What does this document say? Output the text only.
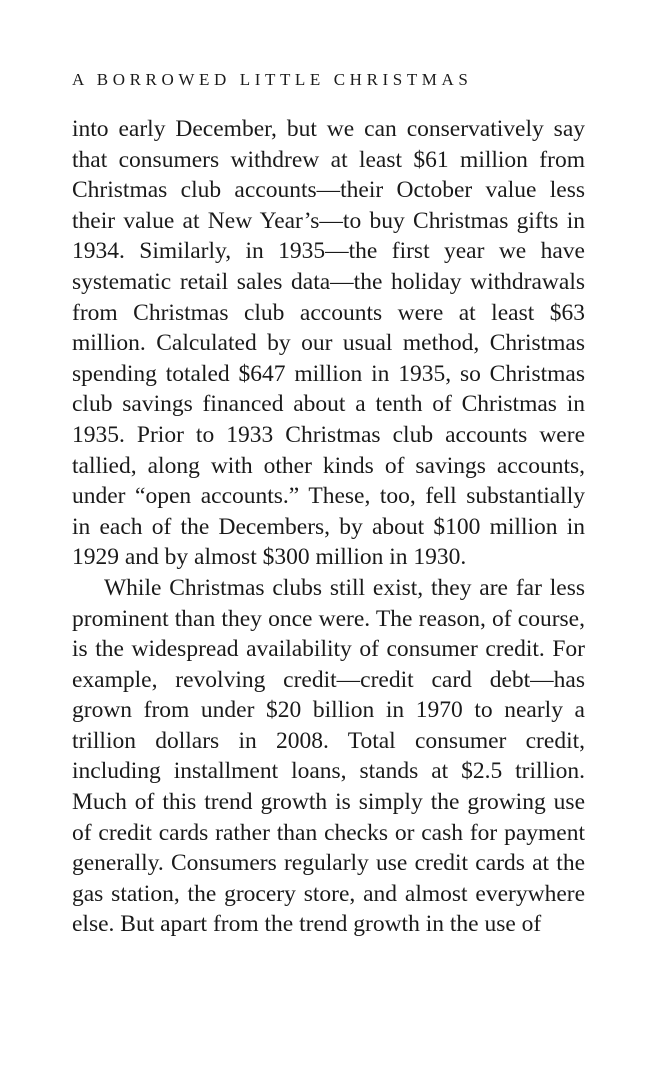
A BORROWED LITTLE CHRISTMAS

into early December, but we can conservatively say that consumers withdrew at least $61 million from Christmas club accounts—their October value less their value at New Year’s—to buy Christmas gifts in 1934. Similarly, in 1935—the first year we have systematic retail sales data—the holiday withdrawals from Christmas club accounts were at least $63 million. Calculated by our usual method, Christmas spending totaled $647 million in 1935, so Christmas club savings financed about a tenth of Christmas in 1935. Prior to 1933 Christmas club accounts were tallied, along with other kinds of savings accounts, under “open accounts.” These, too, fell substantially in each of the Decembers, by about $100 million in 1929 and by almost $300 million in 1930.

While Christmas clubs still exist, they are far less prominent than they once were. The reason, of course, is the widespread availability of consumer credit. For example, revolving credit—credit card debt—has grown from under $20 billion in 1970 to nearly a trillion dollars in 2008. Total consumer credit, including installment loans, stands at $2.5 trillion. Much of this trend growth is simply the growing use of credit cards rather than checks or cash for payment generally. Consumers regularly use credit cards at the gas station, the grocery store, and almost everywhere else. But apart from the trend growth in the use of
